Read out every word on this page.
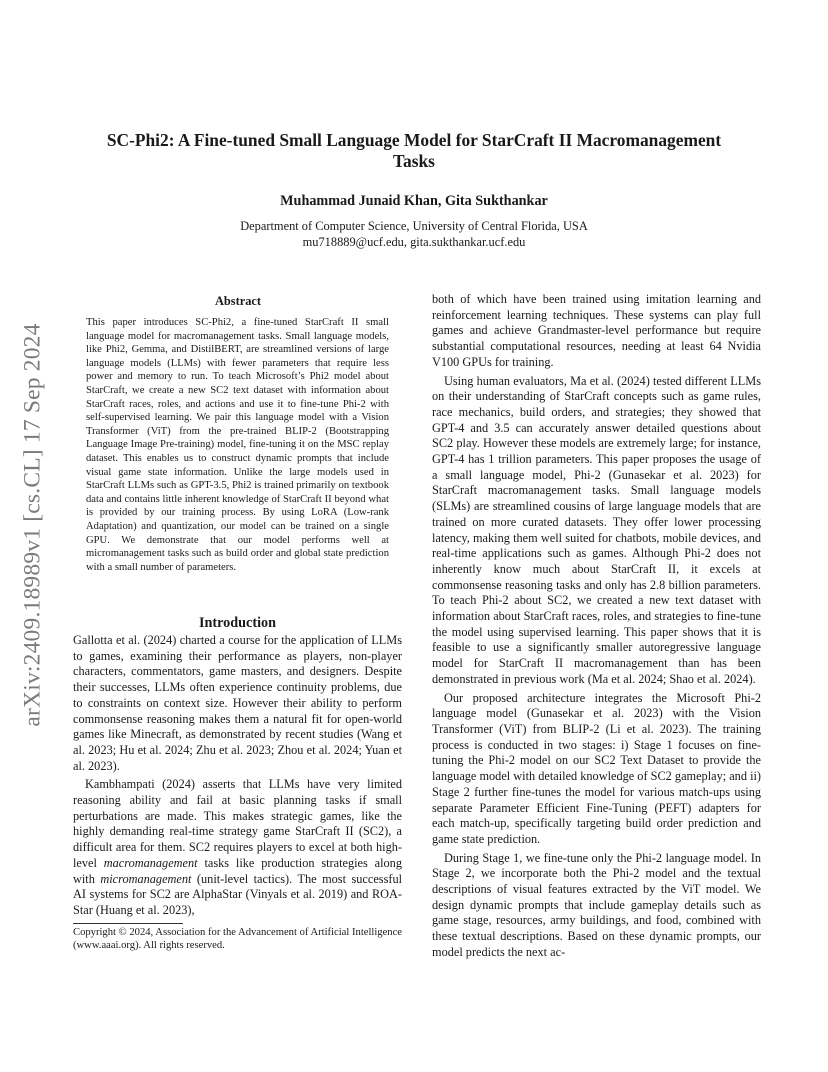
arXiv:2409.18989v1 [cs.CL] 17 Sep 2024
SC-Phi2: A Fine-tuned Small Language Model for StarCraft II Macromanagement Tasks
Muhammad Junaid Khan, Gita Sukthankar
Department of Computer Science, University of Central Florida, USA
mu718889@ucf.edu, gita.sukthankar.ucf.edu
Abstract

This paper introduces SC-Phi2, a fine-tuned StarCraft II small language model for macromanagement tasks. Small language models, like Phi2, Gemma, and DistilBERT, are streamlined versions of large language models (LLMs) with fewer parameters that require less power and memory to run. To teach Microsoft’s Phi2 model about StarCraft, we create a new SC2 text dataset with information about StarCraft races, roles, and actions and use it to fine-tune Phi-2 with self-supervised learning. We pair this language model with a Vision Transformer (ViT) from the pre-trained BLIP-2 (Bootstrapping Language Image Pre-training) model, fine-tuning it on the MSC replay dataset. This enables us to construct dynamic prompts that include visual game state information. Unlike the large models used in StarCraft LLMs such as GPT-3.5, Phi2 is trained primarily on textbook data and contains little inherent knowledge of StarCraft II beyond what is provided by our training process. By using LoRA (Low-rank Adaptation) and quantization, our model can be trained on a single GPU. We demonstrate that our model performs well at micromanagement tasks such as build order and global state prediction with a small number of parameters.

Introduction

Gallotta et al. (2024) charted a course for the application of LLMs to games, examining their performance as players, non-player characters, commentators, game masters, and designers. Despite their successes, LLMs often experience continuity problems, due to constraints on context size. However their ability to perform commonsense reasoning makes them a natural fit for open-world games like Minecraft, as demonstrated by recent studies (Wang et al. 2023; Hu et al. 2024; Zhu et al. 2023; Zhou et al. 2024; Yuan et al. 2023).

Kambhampati (2024) asserts that LLMs have very limited reasoning ability and fail at basic planning tasks if small perturbations are made. This makes strategic games, like the highly demanding real-time strategy game StarCraft II (SC2), a difficult area for them. SC2 requires players to excel at both high-level macromanagement tasks like production strategies along with micromanagement (unit-level tactics). The most successful AI systems for SC2 are AlphaStar (Vinyals et al. 2019) and ROA-Star (Huang et al. 2023),

Copyright © 2024, Association for the Advancement of Artificial Intelligence (www.aaai.org). All rights reserved.

both of which have been trained using imitation learning and reinforcement learning techniques. These systems can play full games and achieve Grandmaster-level performance but require substantial computational resources, needing at least 64 Nvidia V100 GPUs for training.

Using human evaluators, Ma et al. (2024) tested different LLMs on their understanding of StarCraft concepts such as game rules, race mechanics, build orders, and strategies; they showed that GPT-4 and 3.5 can accurately answer detailed questions about SC2 play. However these models are extremely large; for instance, GPT-4 has 1 trillion parameters. This paper proposes the usage of a small language model, Phi-2 (Gunasekar et al. 2023) for StarCraft macromanagement tasks. Small language models (SLMs) are streamlined cousins of large language models that are trained on more curated datasets. They offer lower processing latency, making them well suited for chatbots, mobile devices, and real-time applications such as games. Although Phi-2 does not inherently know much about StarCraft II, it excels at commonsense reasoning tasks and only has 2.8 billion parameters. To teach Phi-2 about SC2, we created a new text dataset with information about StarCraft races, roles, and strategies to fine-tune the model using supervised learning. This paper shows that it is feasible to use a significantly smaller autoregressive language model for StarCraft II macromanagement than has been demonstrated in previous work (Ma et al. 2024; Shao et al. 2024).

Our proposed architecture integrates the Microsoft Phi-2 language model (Gunasekar et al. 2023) with the Vision Transformer (ViT) from BLIP-2 (Li et al. 2023). The training process is conducted in two stages: i) Stage 1 focuses on fine-tuning the Phi-2 model on our SC2 Text Dataset to provide the language model with detailed knowledge of SC2 gameplay; and ii) Stage 2 further fine-tunes the model for various match-ups using separate Parameter Efficient Fine-Tuning (PEFT) adapters for each match-up, specifically targeting build order prediction and game state prediction.

During Stage 1, we fine-tune only the Phi-2 language model. In Stage 2, we incorporate both the Phi-2 model and the textual descriptions of visual features extracted by the ViT model. We design dynamic prompts that include gameplay details such as game stage, resources, army buildings, and food, combined with these textual descriptions. Based on these dynamic prompts, our model predicts the next ac-
